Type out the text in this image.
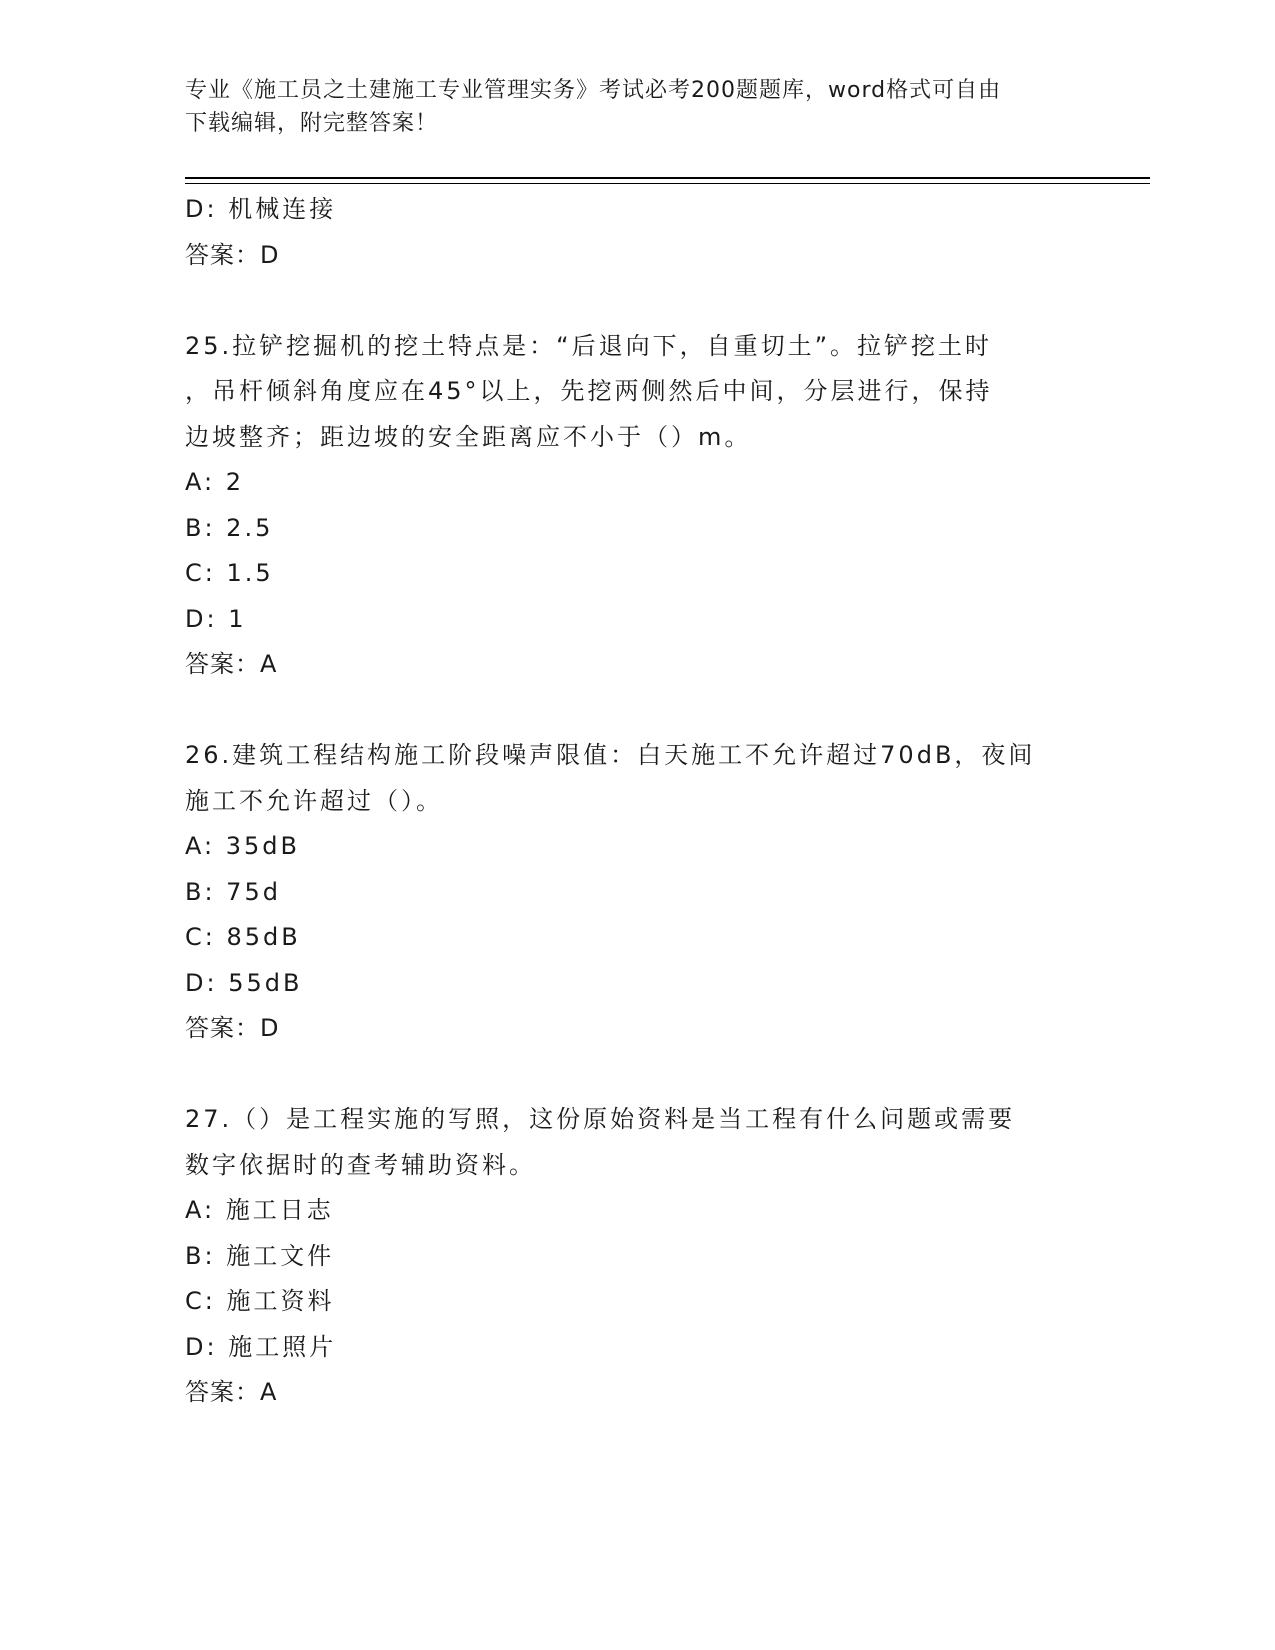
专业《施工员之土建施工专业管理实务》考试必考200题题库，word格式可自由
下载编辑，附完整答案！
D: 机械连接
答案：D
25.拉铲挖掘机的挖土特点是：“后退向下，自重切土”。拉铲挖土时
，吊杆倾斜角度应在45°以上，先挖两侧然后中间，分层进行，保持
边坡整齐；距边坡的安全距离应不小于（）m。
A: 2
B: 2.5
C: 1.5
D: 1
答案：A
26.建筑工程结构施工阶段噪声限值：白天施工不允许超过70dB，夜间
施工不允许超过（）。
A: 35dB
B: 75d
C: 85dB
D: 55dB
答案：D
27.（）是工程实施的写照，这份原始资料是当工程有什么问题或需要
数字依据时的查考辅助资料。
A: 施工日志
B: 施工文件
C: 施工资料
D: 施工照片
答案：A
